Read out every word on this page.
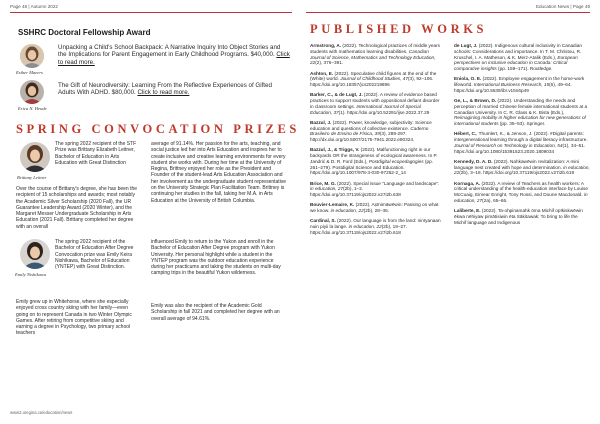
Page 48 | Autumn 2022	Education News | Page 49
SSHRC Doctoral Fellowship Award
Esther Maeers
Unpacking a Child's School Backpack: A Narrative Inquiry Into Object Stories and the Implications for Parent Engagement in Early Childhood Programs. $40,000. Click to read more.
Erica N. Heude
The Gift of Neurodiversity: Learning From the Reflective Experiences of Gifted Adults With ADHD. $80,000. Click to read more.
SPRING CONVOCATION PRIZES
Brittany Leitner
The spring 2022 recipient of the STF Prize was Brittany Elizabeth Leitner, Bachelor of Education in Arts Education with Great Distinction
Over the course of Brittany's degree, she has been the recipient of 15 scholarships and awards; most notably the Academic Silver Scholarship (2020 Fall), the UR Guarantee Leadership Award (2020 Winter), and the Margaret Messer Undergraduate Scholarship in Arts Education (2021 Fall). Brittany completed her degree with an overall
average of 91.14%. Her passion for the arts, teaching, and social justice led her into Arts Education and inspires her to create inclusive and creative learning environments for every student she works with. During her time at the University of Regina, Brittney enjoyed her role as the President and Founder of the student-lead Arts Education Association and her involvement as the undergraduate student representative on the University Strategic Plan Facilitation Team. Brittney is continuing her studies in the fall, taking her M.A. in Arts Education at the University of British Columbia.
Emily Nishikawa
The spring 2022 recipient of the Bachelor of Education After Degree Convocation prize was Emily Keira Nishikawa, Bachelor of Education (YNTEP) with Great Distinction.
Emily grew up in Whitehorse, where she especially enjoyed cross country skiing with her family—even going on to represent Canada in two Winter Olympic Games. After retiring from competitive skiing and earning a degree in Psychology, two primary school teachers
influenced Emily to return to the Yukon and enroll in the Bachelor of Education After Degree program with Yukon University. Her personal highlight while a student in the YNTEP program was the outdoor education experience during her practicums and taking the students on multi-day camping trips in the beautiful Yukon wilderness.
Emily was also the recipient of the Academic Gold Scholarship in fall 2021 and completed her degree with an overall average of 94.61%.
www2.uregina.ca/education/news
PUBLISHED WORKS
Armstrong, A. (2022). Technological practices of middle years students with mathematics learning disabilities. Canadian Journal of Science, Mathematics and Technology Education, 22(2), 376–391.
Ashton, E. (2022). Speculative child figures at the end of the (White) world. Journal of Childhood Studies, 47(3), 92–106. https://doi.org/10.18357/jcs202219896
Barker, C., & de Lugt, J. (2022). A review of evidence based practices to support students with oppositional defiant disorder in classroom settings. International Journal of Special Education, 37(1). https://doi.org/10.52291/ijse.2022.37.29
Bazzul, J. (2022). Power, knowledge, subjectivity: Science education and questions of collective existence. Caderno Brasileiro de Ensino de Física, 39(3), 289-297. http://dx.doi.org/10.5007/2175-7941.2022.e90324.
Bazzul, J., & Triggs, V. (2022). Malfunctioning right in our backyards OR the strangeness of ecological awareness. In P. Jandrić & D. R. Ford (Eds.), Postdigital ecopedagogies (pp. 261–279). Postdigital Science and Education. https://doi.org/10.1007/978-3-030-97262-2_14
Brice, M. G. (2022). Special issue "Language and landscape". in education, 27(2b), 1–2. https://doi.org/10.37119/ojs2022.v27i2b.638
Bouvier-Lemaire, K. (2022). Aṣīnimāwēwin: Passing on what we know. in education, 22(2b), 28–36.
Cardinal, S. (2022). Our language is from the land: ninīyanaan nuin piyii la lange. in education, 22(2b), 19–27. https://doi.org/10.37119/ojs2022.v27i2b.618
de Lugt, J. (2022). Indigenous cultural inclusivity in Canadian schools: Considerations and importance. In T. M. Christou, R. Kruschel, I. A. Matheson, & K. Merz-Atalik (Eds.), European perspectives on inclusive education in Canada: Critical comparative insights (pp. 159–171). Routledge.
Eniola, O. E. (2022). Employee engagement in the home-work lifeworld. International Business Research, 15(6), 49–64. https://doi.org/10.5539/ibr.v15n6p49
Ge, L., & Brown, D. (2022). Understanding the needs and perception of married Chinese female international students at a Canadian University. In C. R. Glass & K. Bista (Eds.), Reimagining mobility in higher education for new generations of international students (pp. 35–53). Springer.
Hébert, C., Thumlert, K., & Jenson, J. (2022). #Digital parents: intergenerational learning through a digital literacy infrastructure. Journal of Research on Technology in Education, 54(1), 34–51. https://doi.org/10.1080/15391523.2020.1809034
Kennedy, D. A. D. (2022). Nahkawēwin revitalization: A mini language nest created with hope and determination. in education, 22(2b), 3–18. https://doi.org/10.37119/ojs2022.v27i2b.619
Kornaga, A. (2022). A review of Teachers as health workers: A critical understanding of the health-education interface by Louise McCuaig, Eimear Enright, Tony Rossi, and Doune Macdonald. in education, 27(2a), 65–66.
Laliberte, E. (2022). Ta-ohpinamahk ōma Michif opīkiskwēwin ēkwa nēhiyaw pimātisiwin ēta Sākitawak: To bring to life the Michif language and Indigenous
